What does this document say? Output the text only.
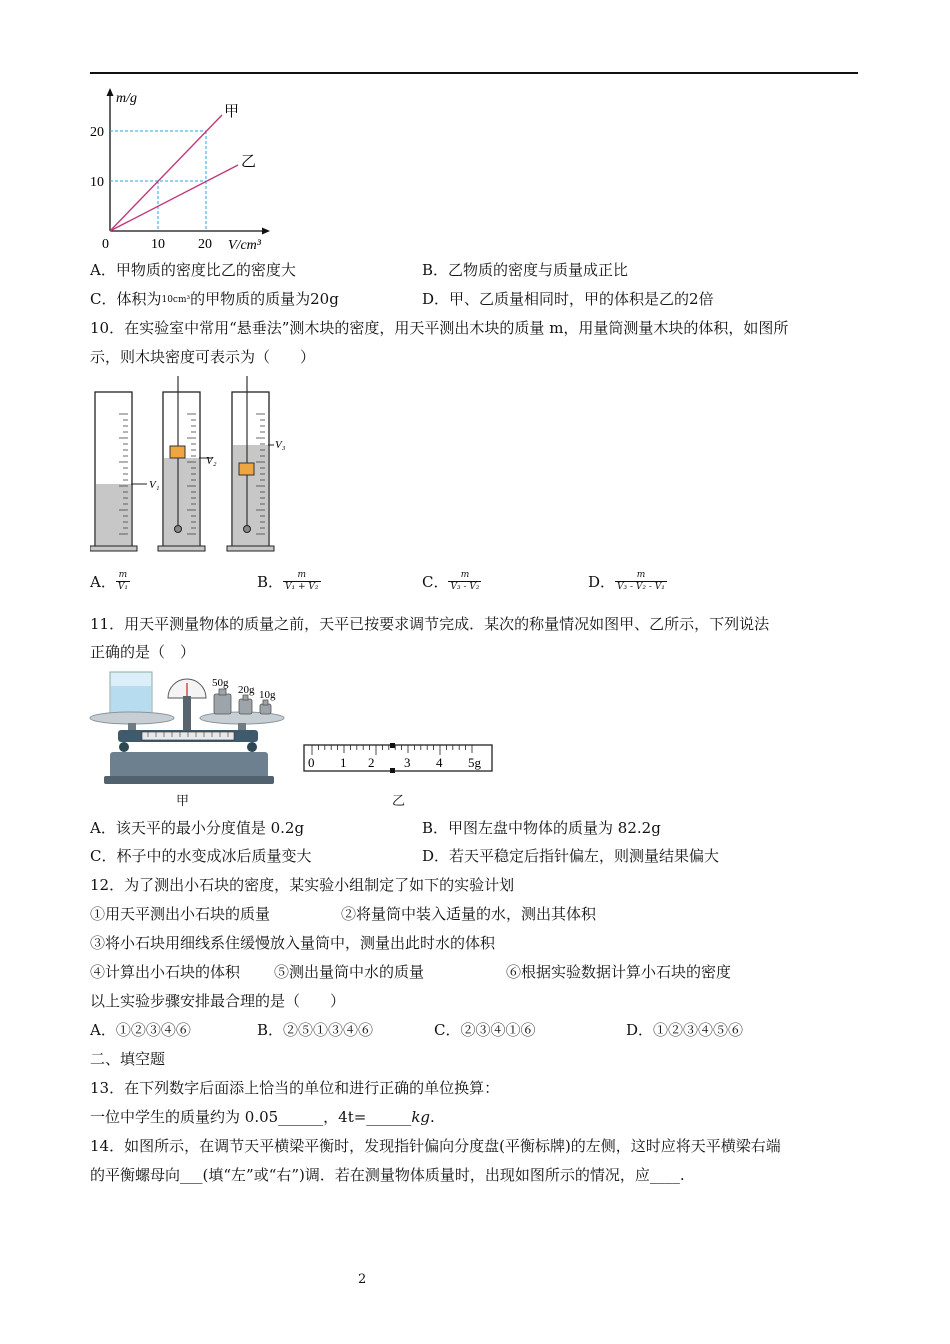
m/g
20
10
0	10 20 V/cm³
甲
乙
A．甲物质的密度比乙的密度大	B．乙物质的密度与质量成正比
C．体积为10cm³的甲物质的质量为20g	D．甲、乙质量相同时，甲的体积是乙的2倍
10．在实验室中常用“悬垂法”测木块的密度，用天平测出木块的质量 m，用量筒测量木块的体积，如图所
示，则木块密度可表示为（　　）
V₁
V₂
V₃
A． $\frac{m}{\text{V₁}}$	B． $\frac{m}{\text{V₁ + V₂}}$	C． $\frac{m}{\text{V₃ - V₂}}$	D． $\frac{m}{\text{V₃ - V₂ - V₁}}$
11．用天平测量物体的质量之前，天平已按要求调节完成．某次的称量情况如图甲、乙所示，下列说法
正确的是（　）
50g
20g 10g
0 1 2 3 4 5g
甲	乙
A．该天平的最小分度值是 0.2g	B．甲图左盘中物体的质量为 82.2g
C．杯子中的水变成冰后质量变大	D．若天平稳定后指针偏左，则测量结果偏大
12．为了测出小石块的密度，某实验小组制定了如下的实验计划
①用天平测出小石块的质量	②将量筒中装入适量的水，测出其体积
③将小石块用细线系住缓慢放入量筒中，测量出此时水的体积
④计算出小石块的体积 ⑤测出量筒中水的质量	⑥根据实验数据计算小石块的密度
以上实验步骤安排最合理的是（　　）
A．①②③④⑥	B．②⑤①③④⑥	C．②③④①⑥	D．①②③④⑤⑥
二、填空题
13．在下列数字后面添上恰当的单位和进行正确的单位换算：
一位中学生的质量约为 0.05______，4t=______kg.
14．如图所示，在调节天平横梁平衡时，发现指针偏向分度盘(平衡标牌)的左侧，这时应将天平横梁右端
的平衡螺母向___(填“左”或“右”)调．若在测量物体质量时，出现如图所示的情况，应____.
2
